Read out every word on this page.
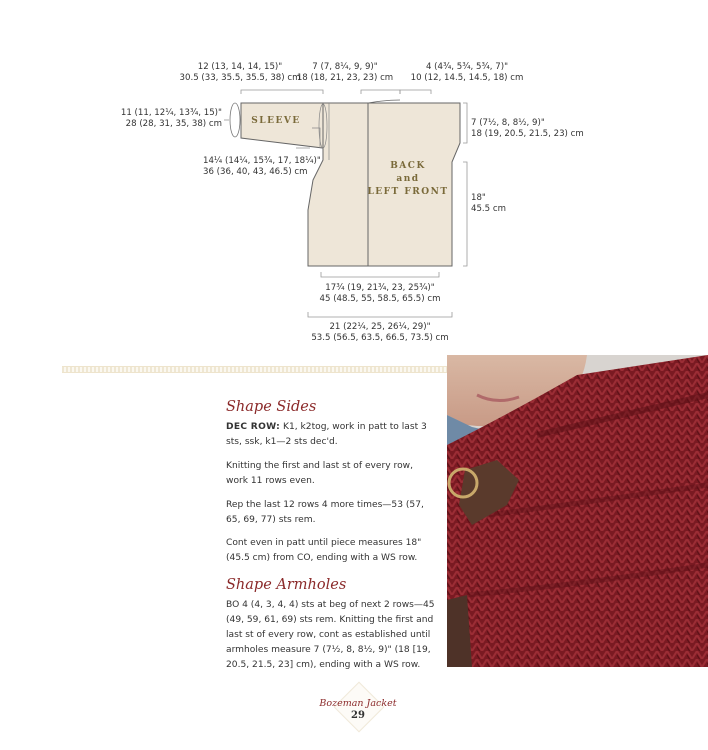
SLEEVE
BACK
and
LEFT FRONT
12 (13, 14, 14, 15)"
30.5 (33, 35.5, 35.5, 38) cm
7 (7, 8¼, 9, 9)"
18 (18, 21, 23, 23) cm
4 (4¾, 5¾, 5¾, 7)"
10 (12, 14.5, 14.5, 18) cm
11 (11, 12¼, 13¾, 15)"
28 (28, 31, 35, 38) cm	7 (7½, 8, 8½, 9)"
18 (19, 20.5, 21.5, 23) cm
14¼ (14¼, 15¾, 17, 18¼)"
36 (36, 40, 43, 46.5) cm
18"
45.5 cm
17¾ (19, 21¾, 23, 25¾)"
45 (48.5, 55, 58.5, 65.5) cm
21 (22¼, 25, 26¼, 29)"
53.5 (56.5, 63.5, 66.5, 73.5) cm
Shape Sides
DEC ROW: K1, k2tog, work in patt to last 3 sts, ssk, k1—2 sts dec'd.
Knitting the first and last st of every row, work 11 rows even.
Rep the last 12 rows 4 more times—53 (57, 65, 69, 77) sts rem.
Cont even in patt until piece measures 18" (45.5 cm) from CO, ending with a WS row.
Shape Armholes
BO 4 (4, 3, 4, 4) sts at beg of next 2 rows—45 (49, 59, 61, 69) sts rem. Knitting the first and last st of every row, cont as established until armholes measure 7 (7½, 8, 8½, 9)" (18 [19, 20.5, 21.5, 23] cm), ending with a WS row.
Bozeman Jacket
29
